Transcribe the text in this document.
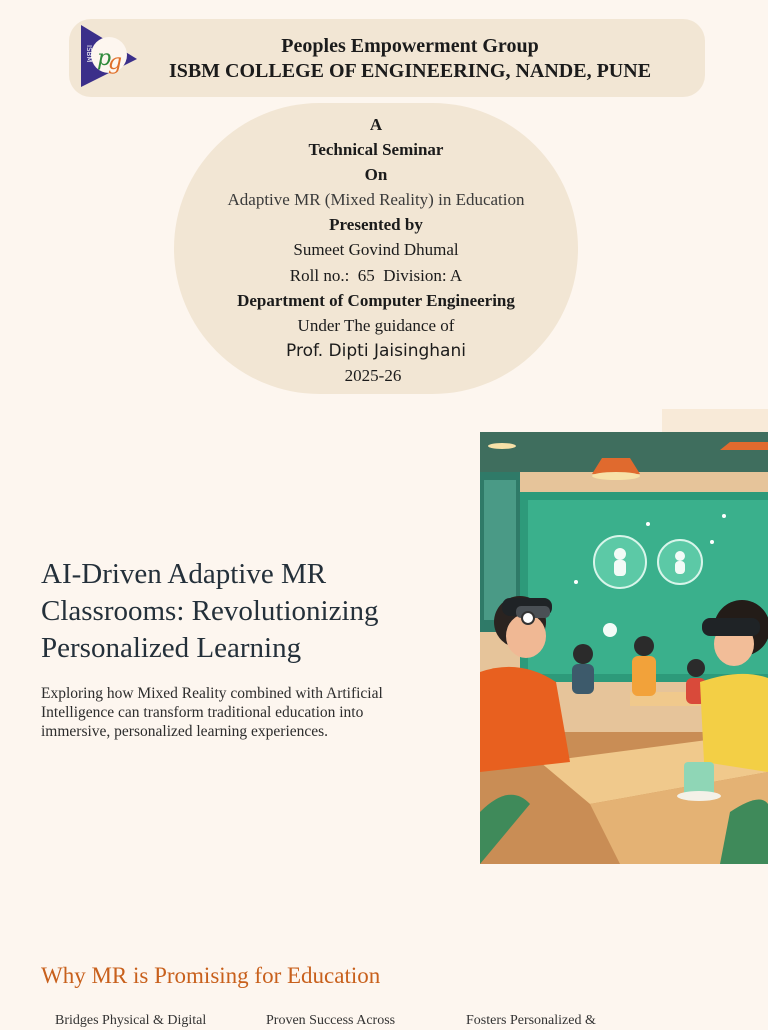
ISBM p
g
Peoples Empowerment Group
ISBM COLLEGE OF ENGINEERING, NANDE, PUNE
A
Technical Seminar
On
Adaptive MR (Mixed Reality) in Education
Presented by
Sumeet Govind Dhumal
Roll no.:  65  Division: A
Department of Computer Engineering
Under The guidance of
Prof. Dipti Jaisinghani
2025-26
AI-Driven Adaptive MR Classrooms: Revolutionizing Personalized Learning
Exploring how Mixed Reality combined with Artificial Intelligence can transform traditional education into immersive, personalized learning experiences.
Why MR is Promising for Education
Bridges Physical & Digital	Proven Success Across	Fosters Personalized &
